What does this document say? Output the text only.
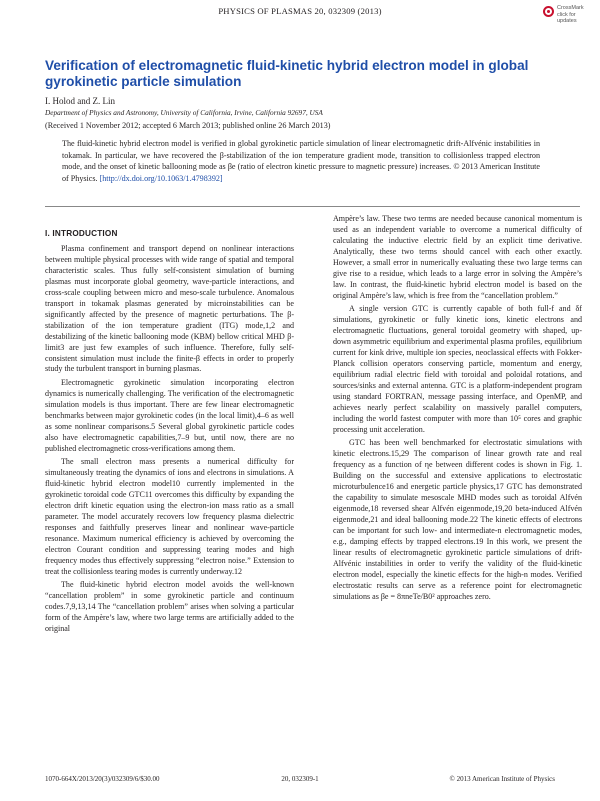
PHYSICS OF PLASMAS 20, 032309 (2013)	CrossMark
click for updates
Verification of electromagnetic fluid-kinetic hybrid electron model in global gyrokinetic particle simulation
I. Holod and Z. Lin
Department of Physics and Astronomy, University of California, Irvine, California 92697, USA
(Received 1 November 2012; accepted 6 March 2013; published online 26 March 2013)
The fluid-kinetic hybrid electron model is verified in global gyrokinetic particle simulation of linear electromagnetic drift-Alfvénic instabilities in tokamak. In particular, we have recovered the β-stabilization of the ion temperature gradient mode, transition to collisionless trapped electron mode, and the onset of kinetic ballooning mode as βe (ratio of electron kinetic pressure to magnetic pressure) increases. © 2013 American Institute of Physics. [http://dx.doi.org/10.1063/1.4798392]
I. INTRODUCTION

Plasma confinement and transport depend on nonlinear interactions between multiple physical processes with wide range of spatial and temporal characteristic scales. Thus fully self-consistent simulation of burning plasmas must incorporate global geometry, wave-particle interactions, and cross-scale coupling between micro and meso-scale turbulence. Anomalous transport in tokamak plasmas generated by microinstabilities can be significantly affected by the presence of magnetic perturbations. The β-stabilization of the ion temperature gradient (ITG) mode,1,2 and destabilizing of the kinetic ballooning mode (KBM) bellow critical MHD β-limit3 are just few examples of such influence. Therefore, fully self-consistent simulation must include the finite-β effects in order to properly study the turbulent transport in burning plasmas.

Electromagnetic gyrokinetic simulation incorporating electron dynamics is numerically challenging. The verification of the electromagnetic simulation models is thus important. There are few linear electromagnetic benchmarks between major gyrokinetic codes (in the local limit),4–6 as well as some nonlinear comparisons.5 Several global gyrokinetic particle codes also have electromagnetic capabilities,7–9 but, until now, there are no published electromagnetic cross-verifications among them.

The small electron mass presents a numerical difficulty for simultaneously treating the dynamics of ions and electrons in simulations. A fluid-kinetic hybrid electron model10 currently implemented in the gyrokinetic toroidal code GTC11 overcomes this difficulty by expanding the electron drift kinetic equation using the electron-ion mass ratio as a small parameter. The model accurately recovers low frequency plasma dielectric responses and faithfully preserves linear and nonlinear wave-particle resonance. Maximum numerical efficiency is achieved by overcoming the electron Courant condition and suppressing tearing modes and high frequency modes thus effectively suppressing “electron noise.” Extension to treat the collisionless tearing modes is currently underway.12

The fluid-kinetic hybrid electron model avoids the well-known “cancellation problem” in some gyrokinetic particle and continuum codes.7,9,13,14 The “cancellation problem” arises when solving a particular form of the Ampère’s law, where two large terms are artificially added to the original

Ampère’s law. These two terms are needed because canonical momentum is used as an independent variable to overcome a numerical difficulty of calculating the inductive electric field by an explicit time derivative. Analytically, these two terms should cancel with each other exactly. However, a small error in numerically evaluating these two large terms can give rise to a residue, which leads to a large error in solving the Ampère’s law. In contrast, the fluid-kinetic hybrid electron model is based on the original Ampère’s law, which is free from the “cancellation problem.”

A single version GTC is currently capable of both full-f and δf simulations, gyrokinetic or fully kinetic ions, kinetic electrons and electromagnetic fluctuations, general toroidal geometry with shaped, up-down asymmetric equilibrium and experimental plasma profiles, equilibrium current for kink drive, multiple ion species, neoclassical effects with Fokker-Planck collision operators conserving particle, momentum and energy, equilibrium radial electric field with toroidal and poloidal rotations, and sources/sinks and external antenna. GTC is a platform-independent program using standard FORTRAN, message passing interface, and OpenMP, and achieves nearly perfect scalability on massively parallel computers, including the world fastest computer with more than 10⁵ cores and graphic processing unit acceleration.

GTC has been well benchmarked for electrostatic simulations with kinetic electrons.15,29 The comparison of linear growth rate and real frequency as a function of ηe between different codes is shown in Fig. 1. Building on the successful and extensive applications to electrostatic microturbulence16 and energetic particle physics,17 GTC has demonstrated the capability to simulate mesoscale MHD modes such as toroidal Alfvén eigenmode,18 reversed shear Alfvén eigenmode,19,20 beta-induced Alfvén eigenmode,21 and ideal ballooning mode.22 The kinetic effects of electrons can be important for such low- and intermediate-n electromagnetic modes, e.g., damping effects by trapped electrons.19 In this work, we present the linear results of electromagnetic gyrokinetic particle simulations of drift-Alfvénic instabilities in order to verify the validity of the fluid-kinetic electron model, especially the kinetic effects for the high-n modes. Verified electrostatic results can serve as a reference point for electromagnetic simulations as βe = 8πneTe/B0² approaches zero.

1070-664X/2013/20(3)/032309/6/$30.00	20, 032309-1	© 2013 American Institute of Physics
